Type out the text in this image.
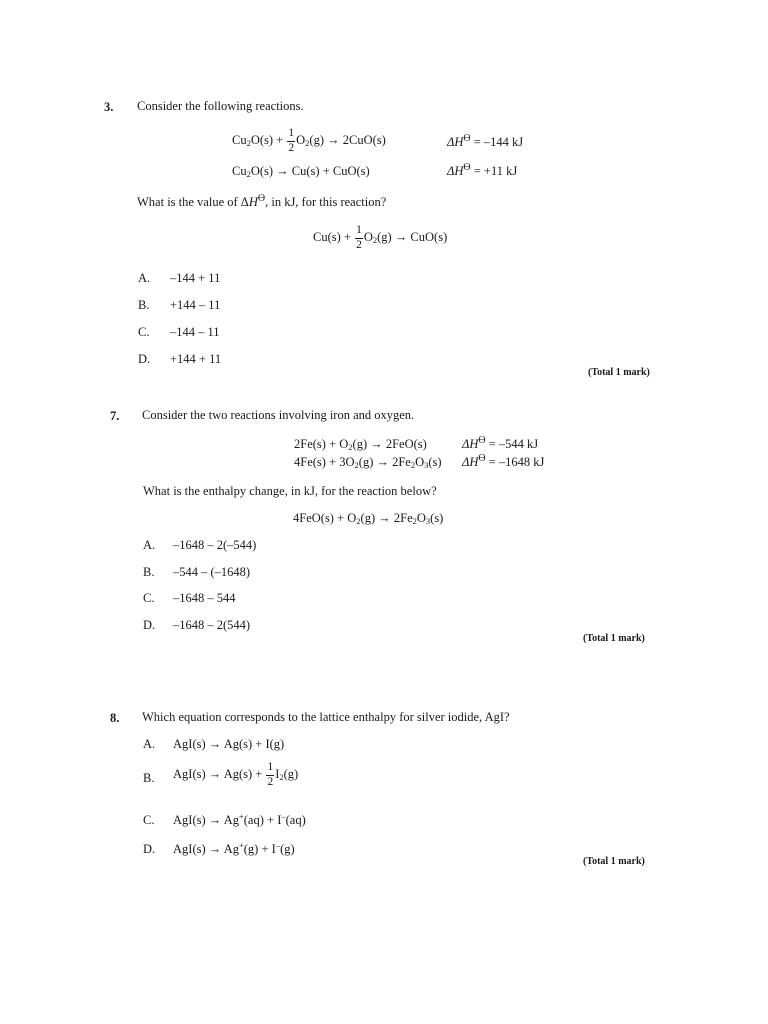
3. Consider the following reactions.
$Cu_2O(s) + \frac{1}{2} O_2(g) \to 2CuO(s)$	$\Delta H^ϴ = -144$ kJ
$Cu_2O(s) \to Cu(s) + CuO(s)$	$\Delta H^ϴ = +11$ kJ
What is the value of $\Delta H^ϴ$, in kJ, for this reaction?
$Cu(s) + \frac{1}{2} O_2(g) \to CuO(s)$
A. –144 + 11
B. +144 – 11
C. –144 – 11
D. +144 + 11
(Total 1 mark)
7. Consider the two reactions involving iron and oxygen.
$2Fe(s) + O_2(g) \to 2FeO(s)$	$\Delta H^ϴ = -544$ kJ
$4Fe(s) + 3O_2(g) \to 2Fe_2O_3(s) \Delta H^ϴ = -1648$ kJ
What is the enthalpy change, in kJ, for the reaction below?
$4FeO(s) + O_2(g) \to 2Fe_2O_3(s)$
A. –1648 – 2(–544)
B. –544 – (–1648)
C. –1648 – 544
D. –1648 – 2(544)
(Total 1 mark)
8. Which equation corresponds to the lattice enthalpy for silver iodide, AgI?
A. AgI(s) → Ag(s) + I(g)
B. $AgI(s) \to Ag(s) + \frac{1}{2} I_2(g)$
C. AgI(s) → Ag+(aq) + I–(aq)
D. AgI(s) → Ag+(g) + I–(g)
(Total 1 mark)
